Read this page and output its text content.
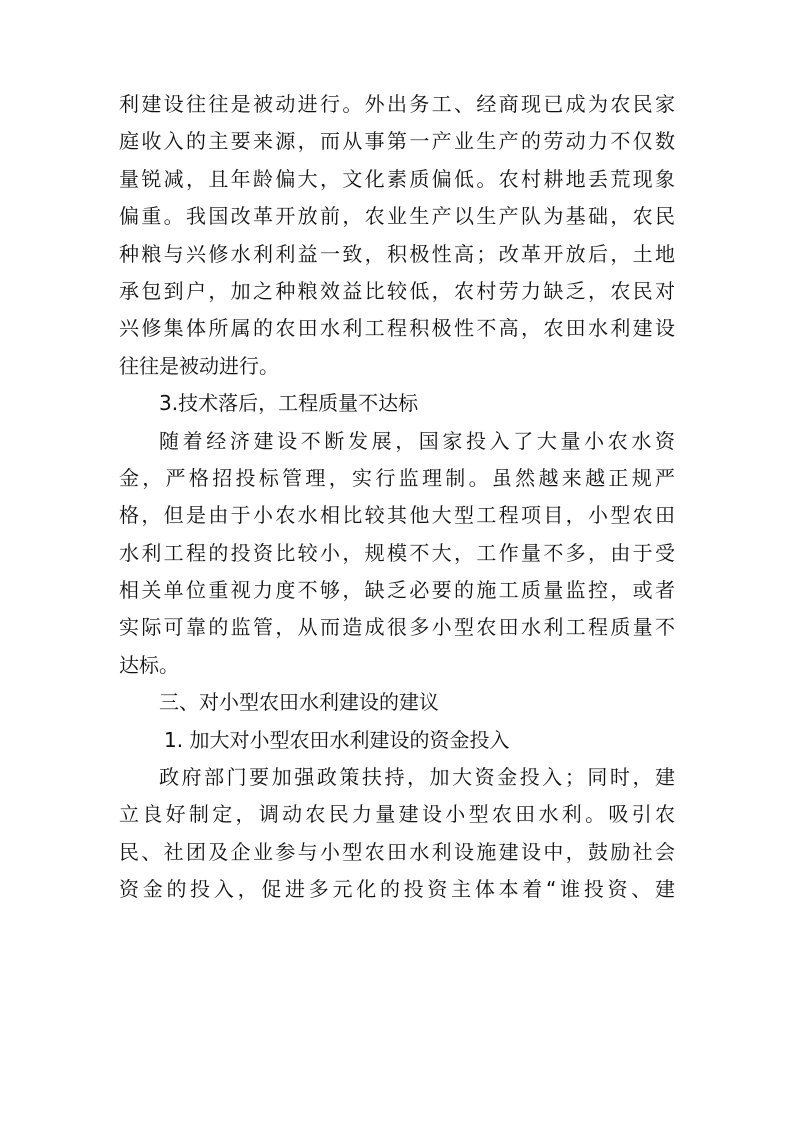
利建设往往是被动进行。外出务工、经商现已成为农民家
庭收入的主要来源，而从事第一产业生产的劳动力不仅数
量锐减，且年龄偏大，文化素质偏低。农村耕地丢荒现象
偏重。我国改革开放前，农业生产以生产队为基础，农民
种粮与兴修水利利益一致，积极性高；改革开放后，土地
承包到户，加之种粮效益比较低，农村劳力缺乏，农民对
兴修集体所属的农田水利工程积极性不高，农田水利建设
往往是被动进行。
3.技术落后，工程质量不达标
随着经济建设不断发展，国家投入了大量小农水资
金，严格招投标管理，实行监理制。虽然越来越正规严
格，但是由于小农水相比较其他大型工程项目，小型农田
水利工程的投资比较小，规模不大，工作量不多，由于受
相关单位重视力度不够，缺乏必要的施工质量监控，或者
实际可靠的监管，从而造成很多小型农田水利工程质量不
达标。
三、对小型农田水利建设的建议
1. 加大对小型农田水利建设的资金投入
政府部门要加强政策扶持，加大资金投入；同时，建
立良好制定，调动农民力量建设小型农田水利。吸引农
民、社团及企业参与小型农田水利设施建设中，鼓励社会
资金的投入，促进多元化的投资主体本着“谁投资、建
